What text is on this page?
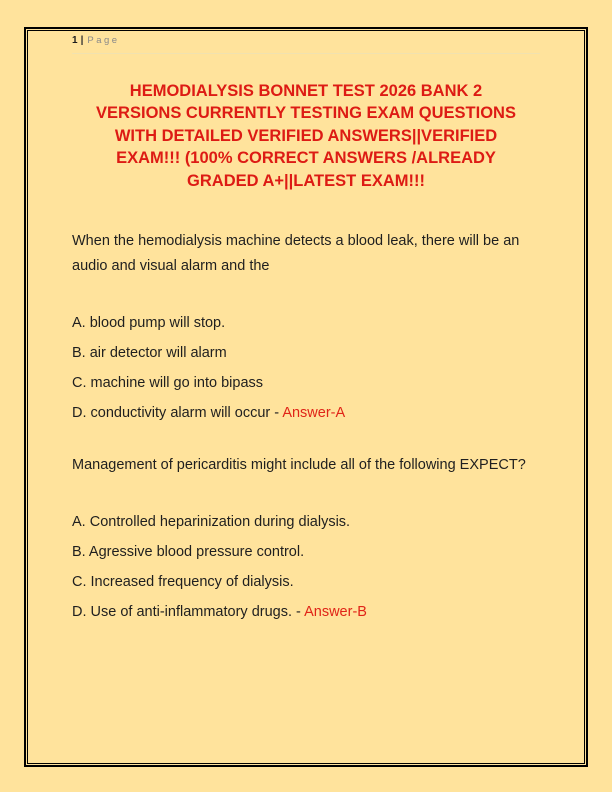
1 | Page
HEMODIALYSIS BONNET TEST 2026 BANK 2
VERSIONS CURRENTLY TESTING EXAM QUESTIONS
WITH DETAILED VERIFIED ANSWERS||VERIFIED
EXAM!!! (100% CORRECT ANSWERS /ALREADY
GRADED A+||LATEST EXAM!!!

When the hemodialysis machine detects a blood leak, there will be an audio and visual alarm and the

A. blood pump will stop.

B. air detector will alarm

C. machine will go into bipass

D. conductivity alarm will occur - Answer-A

Management of pericarditis might include all of the following EXPECT?

A. Controlled heparinization during dialysis.

B. Agressive blood pressure control.

C. Increased frequency of dialysis.

D. Use of anti-inflammatory drugs. - Answer-B
